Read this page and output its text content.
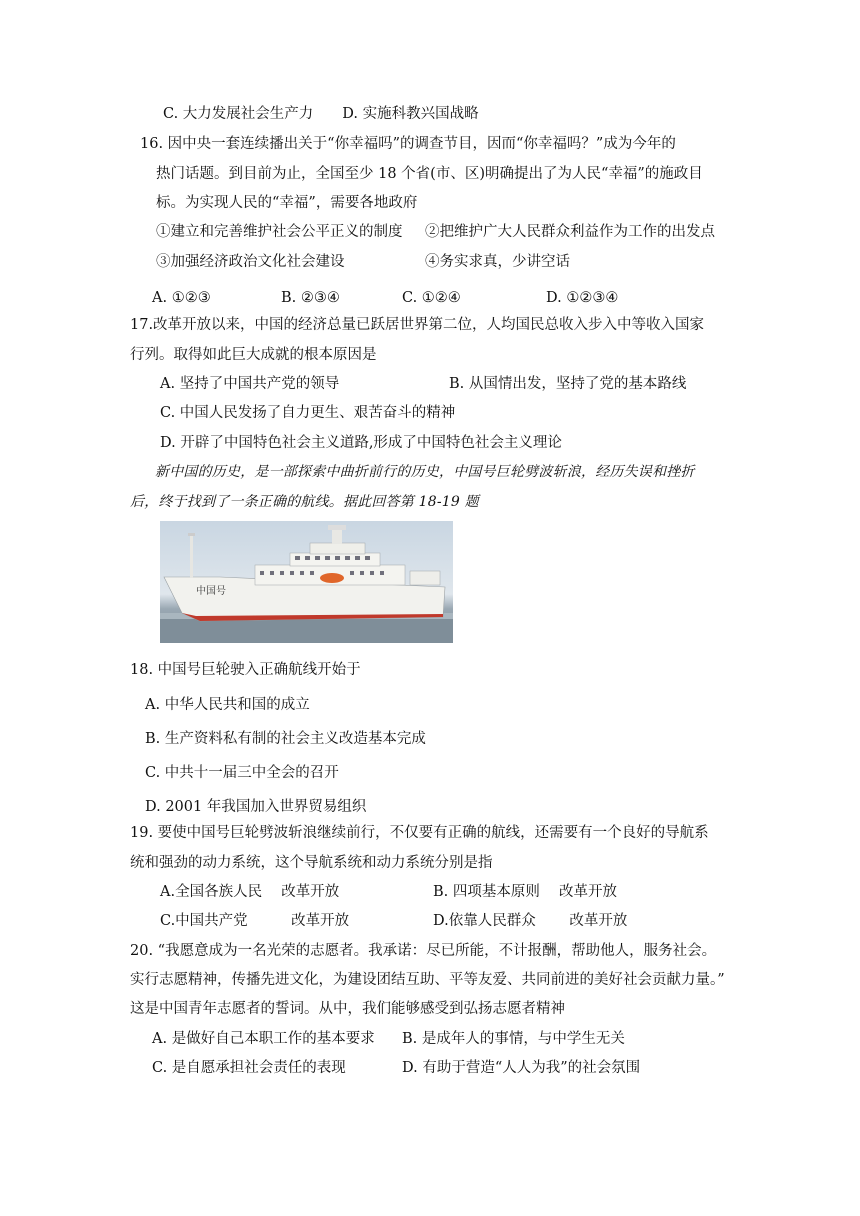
C. 大力发展社会生产力　　D. 实施科教兴国战略
16. 因中央一套连续播出关于“你幸福吗”的调查节目，因而“你幸福吗？”成为今年的
热门话题。到目前为止，全国至少 18 个省(市、区)明确提出了为人民“幸福”的施政目
标。为实现人民的“幸福”，需要各地政府
①建立和完善维护社会公平正义的制度 ②把维护广大人民群众利益作为工作的出发点
③加强经济政治文化社会建设	④务实求真，少讲空话
A. ①②③	B. ②③④	C. ①②④	D. ①②③④
17.改革开放以来，中国的经济总量已跃居世界第二位，人均国民总收入步入中等收入国家
行列。取得如此巨大成就的根本原因是
A. 坚持了中国共产党的领导	B. 从国情出发，坚持了党的基本路线
C. 中国人民发扬了自力更生、艰苦奋斗的精神
D. 开辟了中国特色社会主义道路,形成了中国特色社会主义理论
新中国的历史，是一部探索中曲折前行的历史，中国号巨轮劈波斩浪，经历失误和挫折
后，终于找到了一条正确的航线。据此回答第 18-19 题
中国号
18. 中国号巨轮驶入正确航线开始于
A. 中华人民共和国的成立
B. 生产资料私有制的社会主义改造基本完成
C. 中共十一届三中全会的召开
D. 2001 年我国加入世界贸易组织
19. 要使中国号巨轮劈波斩浪继续前行，不仅要有正确的航线，还需要有一个良好的导航系
统和强劲的动力系统，这个导航系统和动力系统分别是指
A.全国各族人民　 改革开放	B. 四项基本原则　 改革开放
C.中国共产党　　　改革开放	D.依靠人民群众　　 改革开放
20. “我愿意成为一名光荣的志愿者。我承诺：尽已所能，不计报酬，帮助他人，服务社会。
实行志愿精神，传播先进文化，为建设团结互助、平等友爱、共同前进的美好社会贡献力量。”
这是中国青年志愿者的誓词。从中，我们能够感受到弘扬志愿者精神
A. 是做好自己本职工作的基本要求 B. 是成年人的事情，与中学生无关
C. 是自愿承担社会责任的表现	D. 有助于营造“人人为我”的社会氛围
